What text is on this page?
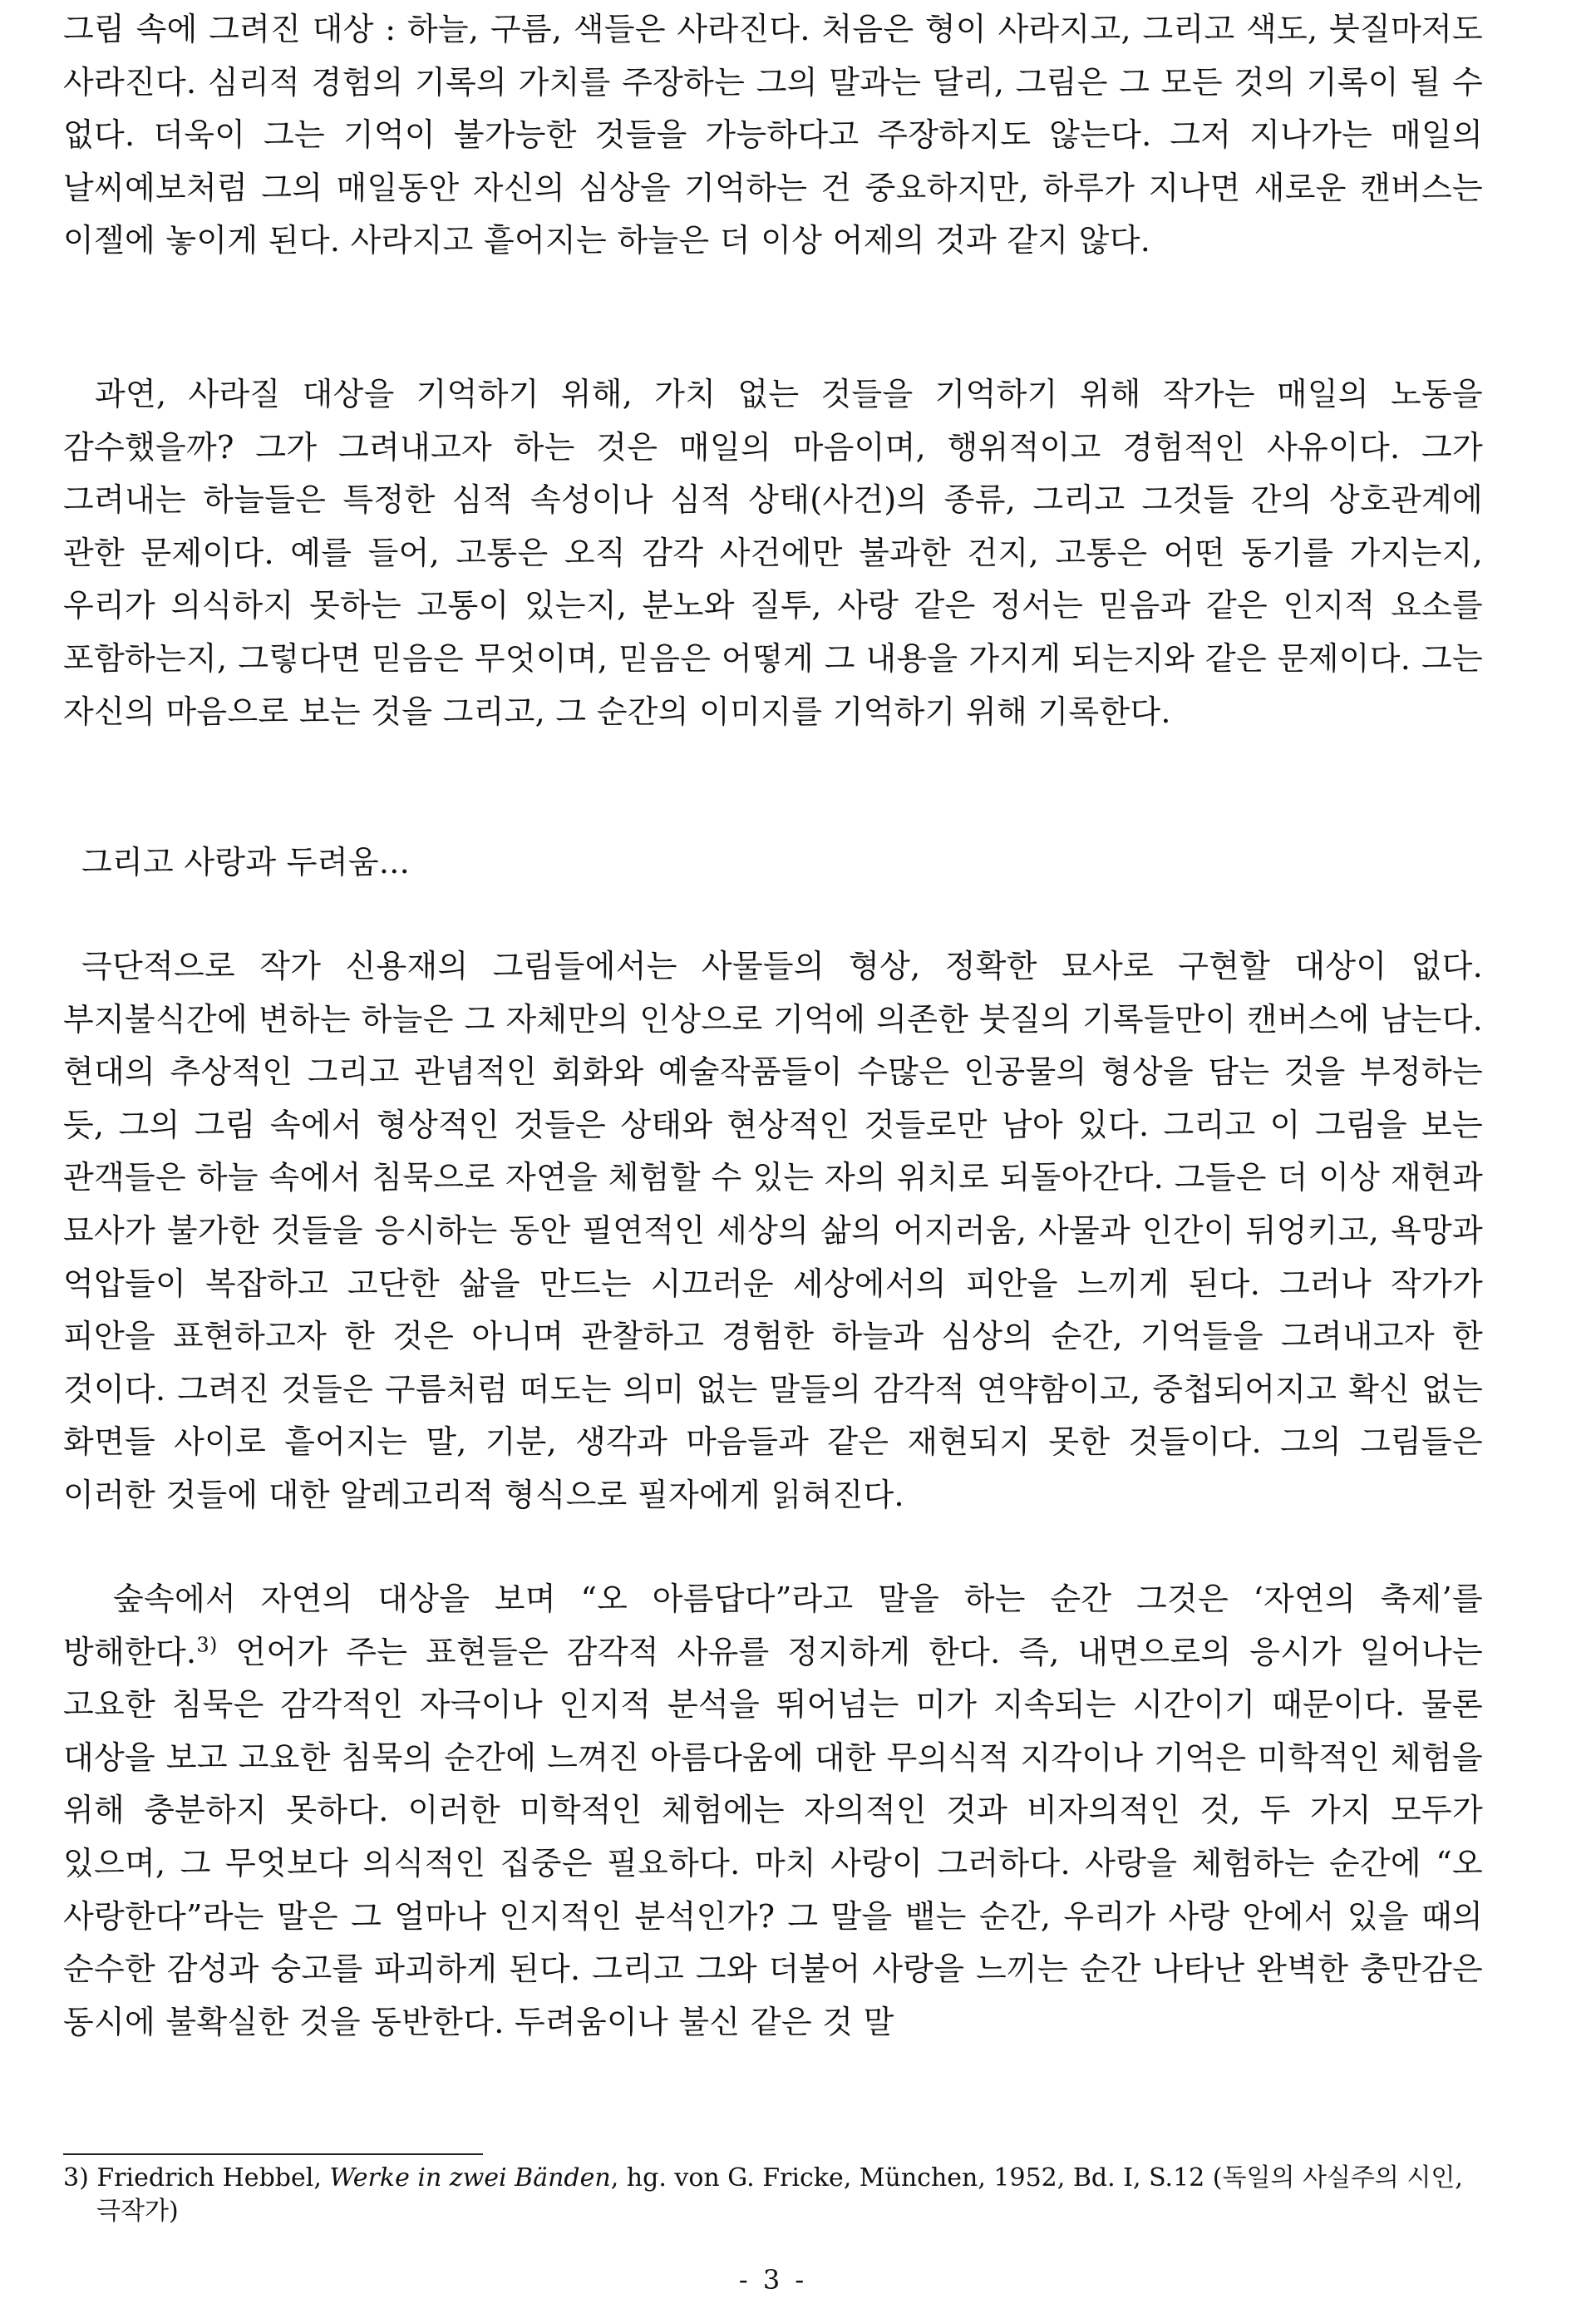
그림 속에 그려진 대상 : 하늘, 구름, 색들은 사라진다. 처음은 형이 사라지고, 그리고 색도, 붓질마저도 사라진다. 심리적 경험의 기록의 가치를 주장하는 그의 말과는 달리, 그림은 그 모든 것의 기록이 될 수 없다. 더욱이 그는 기억이 불가능한 것들을 가능하다고 주장하지도 않는다. 그저 지나가는 매일의 날씨예보처럼 그의 매일동안 자신의 심상을 기억하는 건 중요하지만, 하루가 지나면 새로운 캔버스는 이젤에 놓이게 된다. 사라지고 흩어지는 하늘은 더 이상 어제의 것과 같지 않다.

과연, 사라질 대상을 기억하기 위해, 가치 없는 것들을 기억하기 위해 작가는 매일의 노동을 감수했을까? 그가 그려내고자 하는 것은 매일의 마음이며, 행위적이고 경험적인 사유이다. 그가 그려내는 하늘들은 특정한 심적 속성이나 심적 상태(사건)의 종류, 그리고 그것들 간의 상호관계에 관한 문제이다. 예를 들어, 고통은 오직 감각 사건에만 불과한 건지, 고통은 어떤 동기를 가지는지, 우리가 의식하지 못하는 고통이 있는지, 분노와 질투, 사랑 같은 정서는 믿음과 같은 인지적 요소를 포함하는지, 그렇다면 믿음은 무엇이며, 믿음은 어떻게 그 내용을 가지게 되는지와 같은 문제이다. 그는 자신의 마음으로 보는 것을 그리고, 그 순간의 이미지를 기억하기 위해 기록한다.

그리고 사랑과 두려움...

극단적으로 작가 신용재의 그림들에서는 사물들의 형상, 정확한 묘사로 구현할 대상이 없다. 부지불식간에 변하는 하늘은 그 자체만의 인상으로 기억에 의존한 붓질의 기록들만이 캔버스에 남는다. 현대의 추상적인 그리고 관념적인 회화와 예술작품들이 수많은 인공물의 형상을 담는 것을 부정하는 듯, 그의 그림 속에서 형상적인 것들은 상태와 현상적인 것들로만 남아 있다. 그리고 이 그림을 보는 관객들은 하늘 속에서 침묵으로 자연을 체험할 수 있는 자의 위치로 되돌아간다. 그들은 더 이상 재현과 묘사가 불가한 것들을 응시하는 동안 필연적인 세상의 삶의 어지러움, 사물과 인간이 뒤엉키고, 욕망과 억압들이 복잡하고 고단한 삶을 만드는 시끄러운 세상에서의 피안을 느끼게 된다. 그러나 작가가 피안을 표현하고자 한 것은 아니며 관찰하고 경험한 하늘과 심상의 순간, 기억들을 그려내고자 한 것이다. 그려진 것들은 구름처럼 떠도는 의미 없는 말들의 감각적 연약함이고, 중첩되어지고 확신 없는 화면들 사이로 흩어지는 말, 기분, 생각과 마음들과 같은 재현되지 못한 것들이다. 그의 그림들은 이러한 것들에 대한 알레고리적 형식으로 필자에게 읽혀진다.

숲속에서 자연의 대상을 보며 “오 아름답다”라고 말을 하는 순간 그것은 ‘자연의 축제’를 방해한다.$^{3)}$ 언어가 주는 표현들은 감각적 사유를 정지하게 한다. 즉, 내면으로의 응시가 일어나는 고요한 침묵은 감각적인 자극이나 인지적 분석을 뛰어넘는 미가 지속되는 시간이기 때문이다. 물론 대상을 보고 고요한 침묵의 순간에 느껴진 아름다움에 대한 무의식적 지각이나 기억은 미학적인 체험을 위해 충분하지 못하다. 이러한 미학적인 체험에는 자의적인 것과 비자의적인 것, 두 가지 모두가 있으며, 그 무엇보다 의식적인 집중은 필요하다. 마치 사랑이 그러하다. 사랑을 체험하는 순간에 “오 사랑한다”라는 말은 그 얼마나 인지적인 분석인가? 그 말을 뱉는 순간, 우리가 사랑 안에서 있을 때의 순수한 감성과 숭고를 파괴하게 된다. 그리고 그와 더불어 사랑을 느끼는 순간 나타난 완벽한 충만감은 동시에 불확실한 것을 동반한다. 두려움이나 불신 같은 것 말

3) Friedrich Hebbel, Werke in zwei Bänden, hg. von G. Fricke, München, 1952, Bd. I, S.12 (독일의 사실주의 시인, 극작가)

- 3 -
